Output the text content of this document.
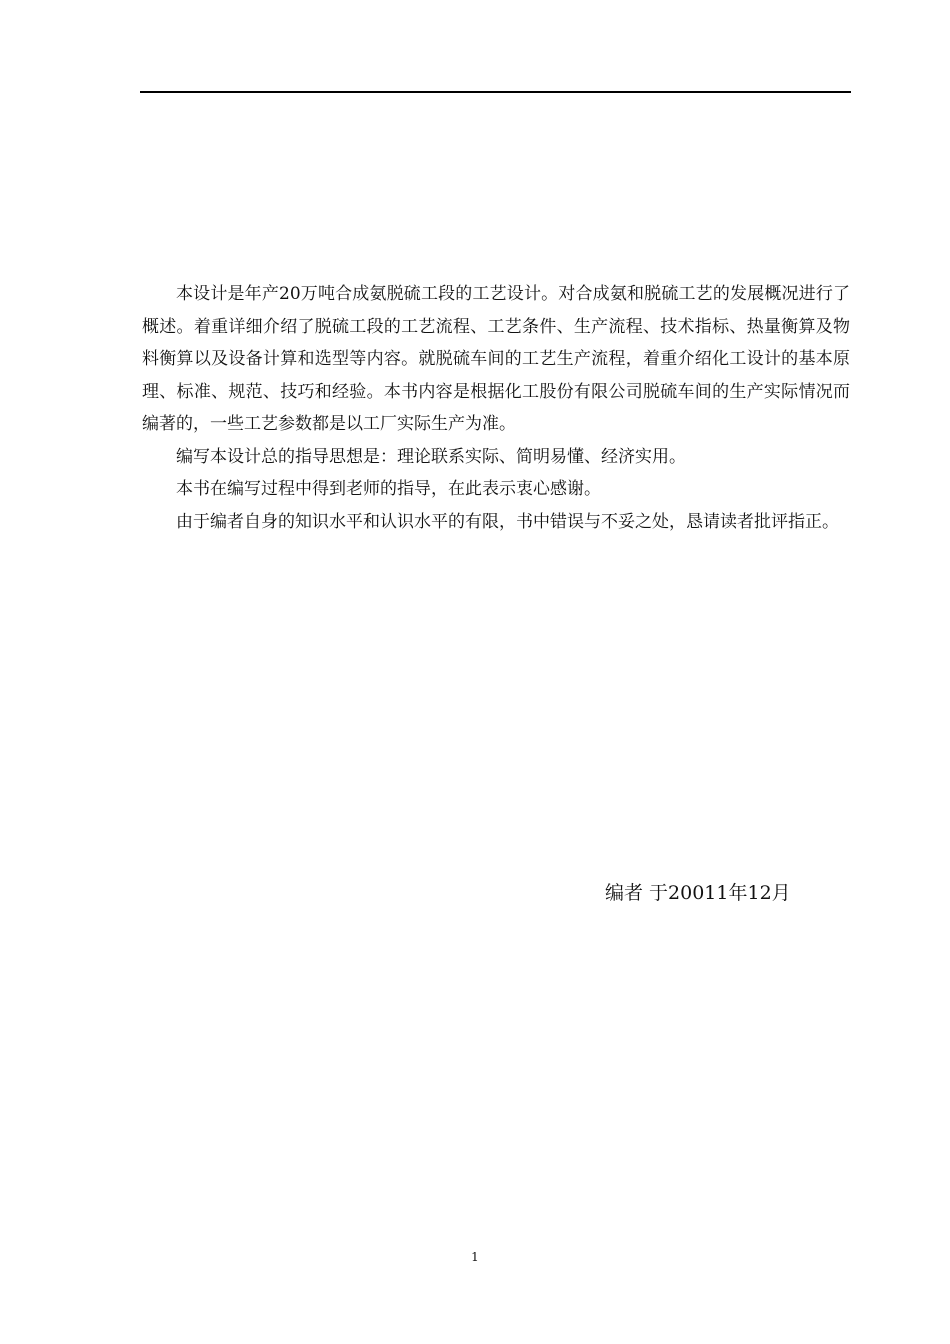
本设计是年产20万吨合成氨脱硫工段的工艺设计。对合成氨和脱硫工艺的发展概况进行了概述。着重详细介绍了脱硫工段的工艺流程、工艺条件、生产流程、技术指标、热量衡算及物料衡算以及设备计算和选型等内容。就脱硫车间的工艺生产流程，着重介绍化工设计的基本原理、标准、规范、技巧和经验。本书内容是根据化工股份有限公司脱硫车间的生产实际情况而编著的，一些工艺参数都是以工厂实际生产为准。

编写本设计总的指导思想是：理论联系实际、简明易懂、经济实用。

本书在编写过程中得到老师的指导，在此表示衷心感谢。

由于编者自身的知识水平和认识水平的有限，书中错误与不妥之处，恳请读者批评指正。

编者 于20011年12月
1
